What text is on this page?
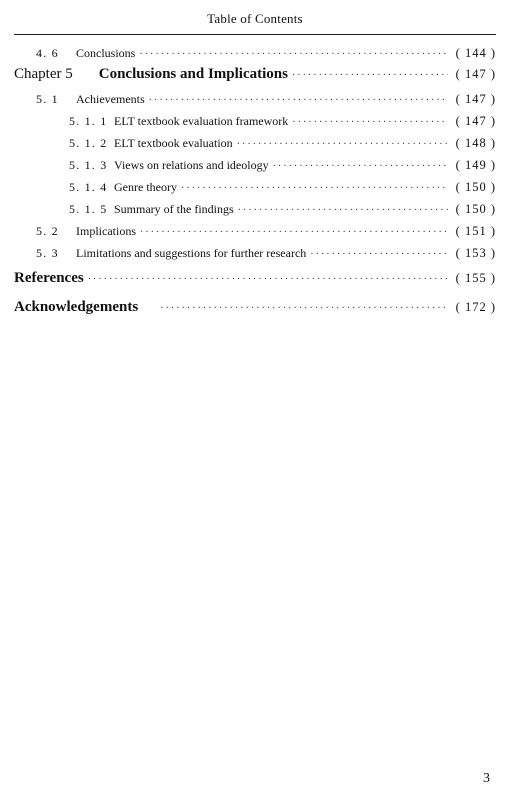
Table of Contents
4. 6	Conclusions ·····	( 144 )
Chapter 5 Conclusions and Implications ·····	( 147 )
5. 1	Achievements ·····	( 147 )
5. 1. 1 ELT textbook evaluation framework ·····	( 147 )
5. 1. 2 ELT textbook evaluation ·····	( 148 )
5. 1. 3 Views on relations and ideology ·····	( 149 )
5. 1. 4 Genre theory ·····	( 150 )
5. 1. 5 Summary of the findings ·····	( 150 )
5. 2	Implications ·····	( 151 )
5. 3	Limitations and suggestions for further research ·····	( 153 )
References ·····	( 155 )
Acknowledgements ·····	( 172 )
3
